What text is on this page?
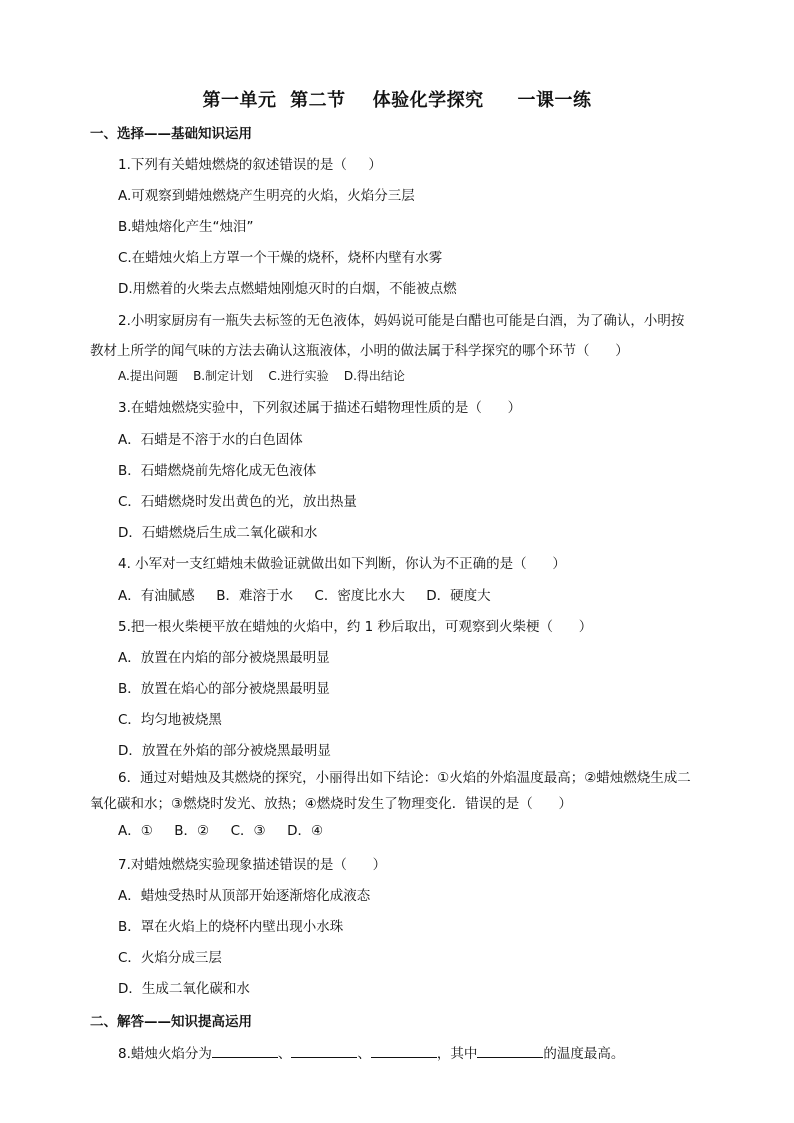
第一单元  第二节    体验化学探究     一课一练
一、选择——基础知识运用
1.下列有关蜡烛燃烧的叙述错误的是（     ）
A.可观察到蜡烛燃烧产生明亮的火焰，火焰分三层
B.蜡烛熔化产生“烛泪”
C.在蜡烛火焰上方罩一个干燥的烧杯，烧杯内壁有水雾
D.用燃着的火柴去点燃蜡烛刚熄灭时的白烟，不能被点燃
2.小明家厨房有一瓶失去标签的无色液体，妈妈说可能是白醋也可能是白酒，为了确认，小明按
教材上所学的闻气味的方法去确认这瓶液体，小明的做法属于科学探究的哪个环节（      ）
A.提出问题    B.制定计划    C.进行实验    D.得出结论
3.在蜡烛燃烧实验中，下列叙述属于描述石蜡物理性质的是（      ）
A．石蜡是不溶于水的白色固体
B．石蜡燃烧前先熔化成无色液体
C．石蜡燃烧时发出黄色的光，放出热量
D．石蜡燃烧后生成二氧化碳和水
4. 小军对一支红蜡烛未做验证就做出如下判断，你认为不正确的是（      ）
A．有油腻感     B．难溶于水     C．密度比水大     D．硬度大
5.把一根火柴梗平放在蜡烛的火焰中，约 1 秒后取出，可观察到火柴梗（      ）
A．放置在内焰的部分被烧黑最明显
B．放置在焰心的部分被烧黑最明显
C．均匀地被烧黑
D．放置在外焰的部分被烧黑最明显
6．通过对蜡烛及其燃烧的探究，小丽得出如下结论：①火焰的外焰温度最高；②蜡烛燃烧生成二
氧化碳和水；③燃烧时发光、放热；④燃烧时发生了物理变化．错误的是（      ）
A．①     B．②     C．③     D．④
7.对蜡烛燃烧实验现象描述错误的是（      ）
A．蜡烛受热时从顶部开始逐渐熔化成液态
B．罩在火焰上的烧杯内壁出现小水珠
C．火焰分成三层
D．生成二氧化碳和水
二、解答——知识提高运用
8.蜡烛火焰分为	、	、	，其中	的温度最高。
